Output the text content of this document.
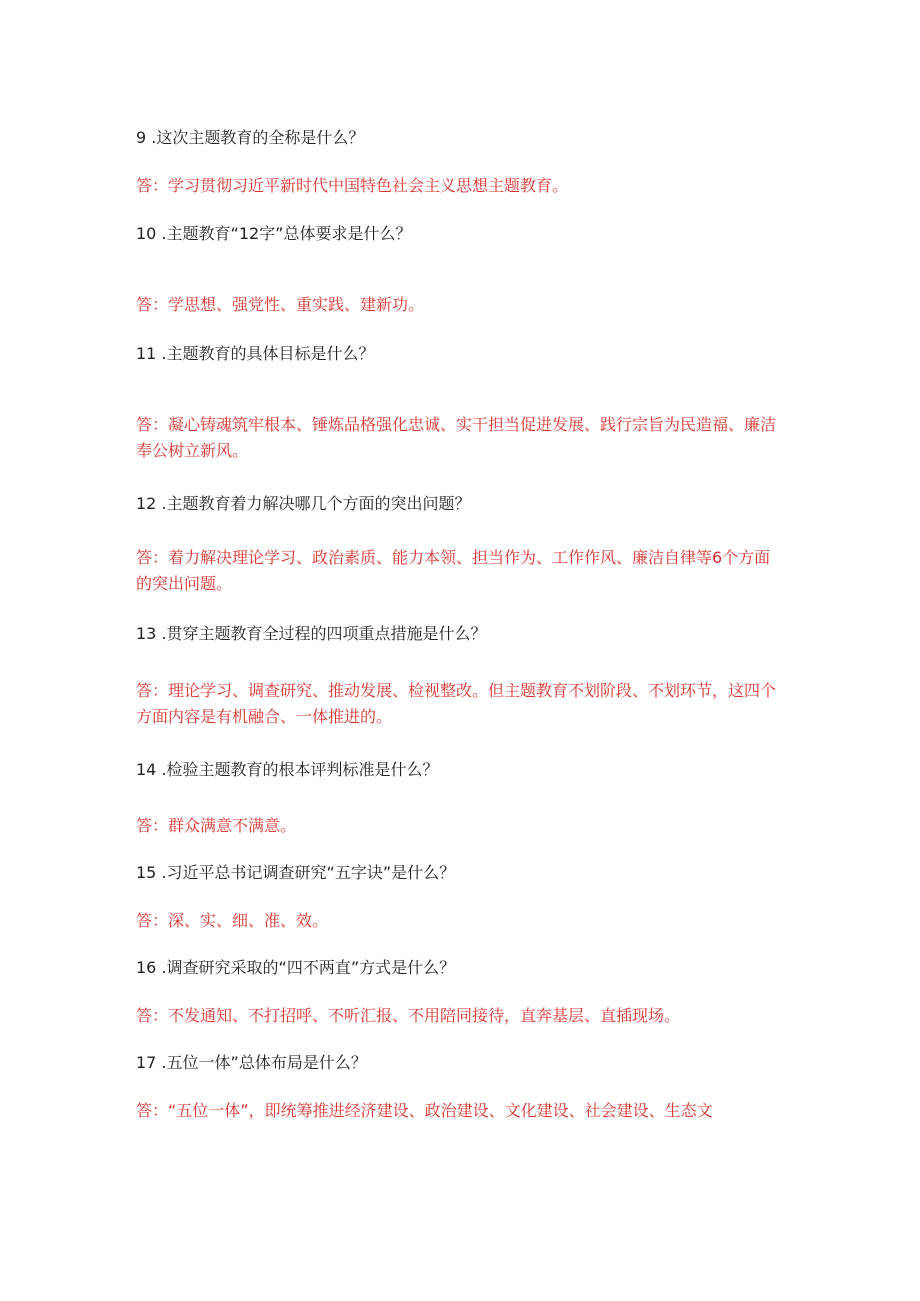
9 .这次主题教育的全称是什么？
答：学习贯彻习近平新时代中国特色社会主义思想主题教育。
10 .主题教育“12字”总体要求是什么？
答：学思想、强党性、重实践、建新功。
11 .主题教育的具体目标是什么？
答：凝心铸魂筑牢根本、锤炼品格强化忠诚、实干担当促进发展、践行宗旨为民造福、廉洁奉公树立新风。
12 .主题教育着力解决哪几个方面的突出问题？
答：着力解决理论学习、政治素质、能力本领、担当作为、工作作风、廉洁自律等6个方面的突出问题。
13 .贯穿主题教育全过程的四项重点措施是什么？
答：理论学习、调查研究、推动发展、检视整改。但主题教育不划阶段、不划环节，这四个方面内容是有机融合、一体推进的。
14 .检验主题教育的根本评判标准是什么？
答：群众满意不满意。
15 .习近平总书记调查研究“五字诀”是什么？
答：深、实、细、准、效。
16 .调查研究采取的“四不两直”方式是什么？
答：不发通知、不打招呼、不听汇报、不用陪同接待，直奔基层、直插现场。
17 .五位一体”总体布局是什么？
答：“五位一体”，即统筹推进经济建设、政治建设、文化建设、社会建设、生态文
